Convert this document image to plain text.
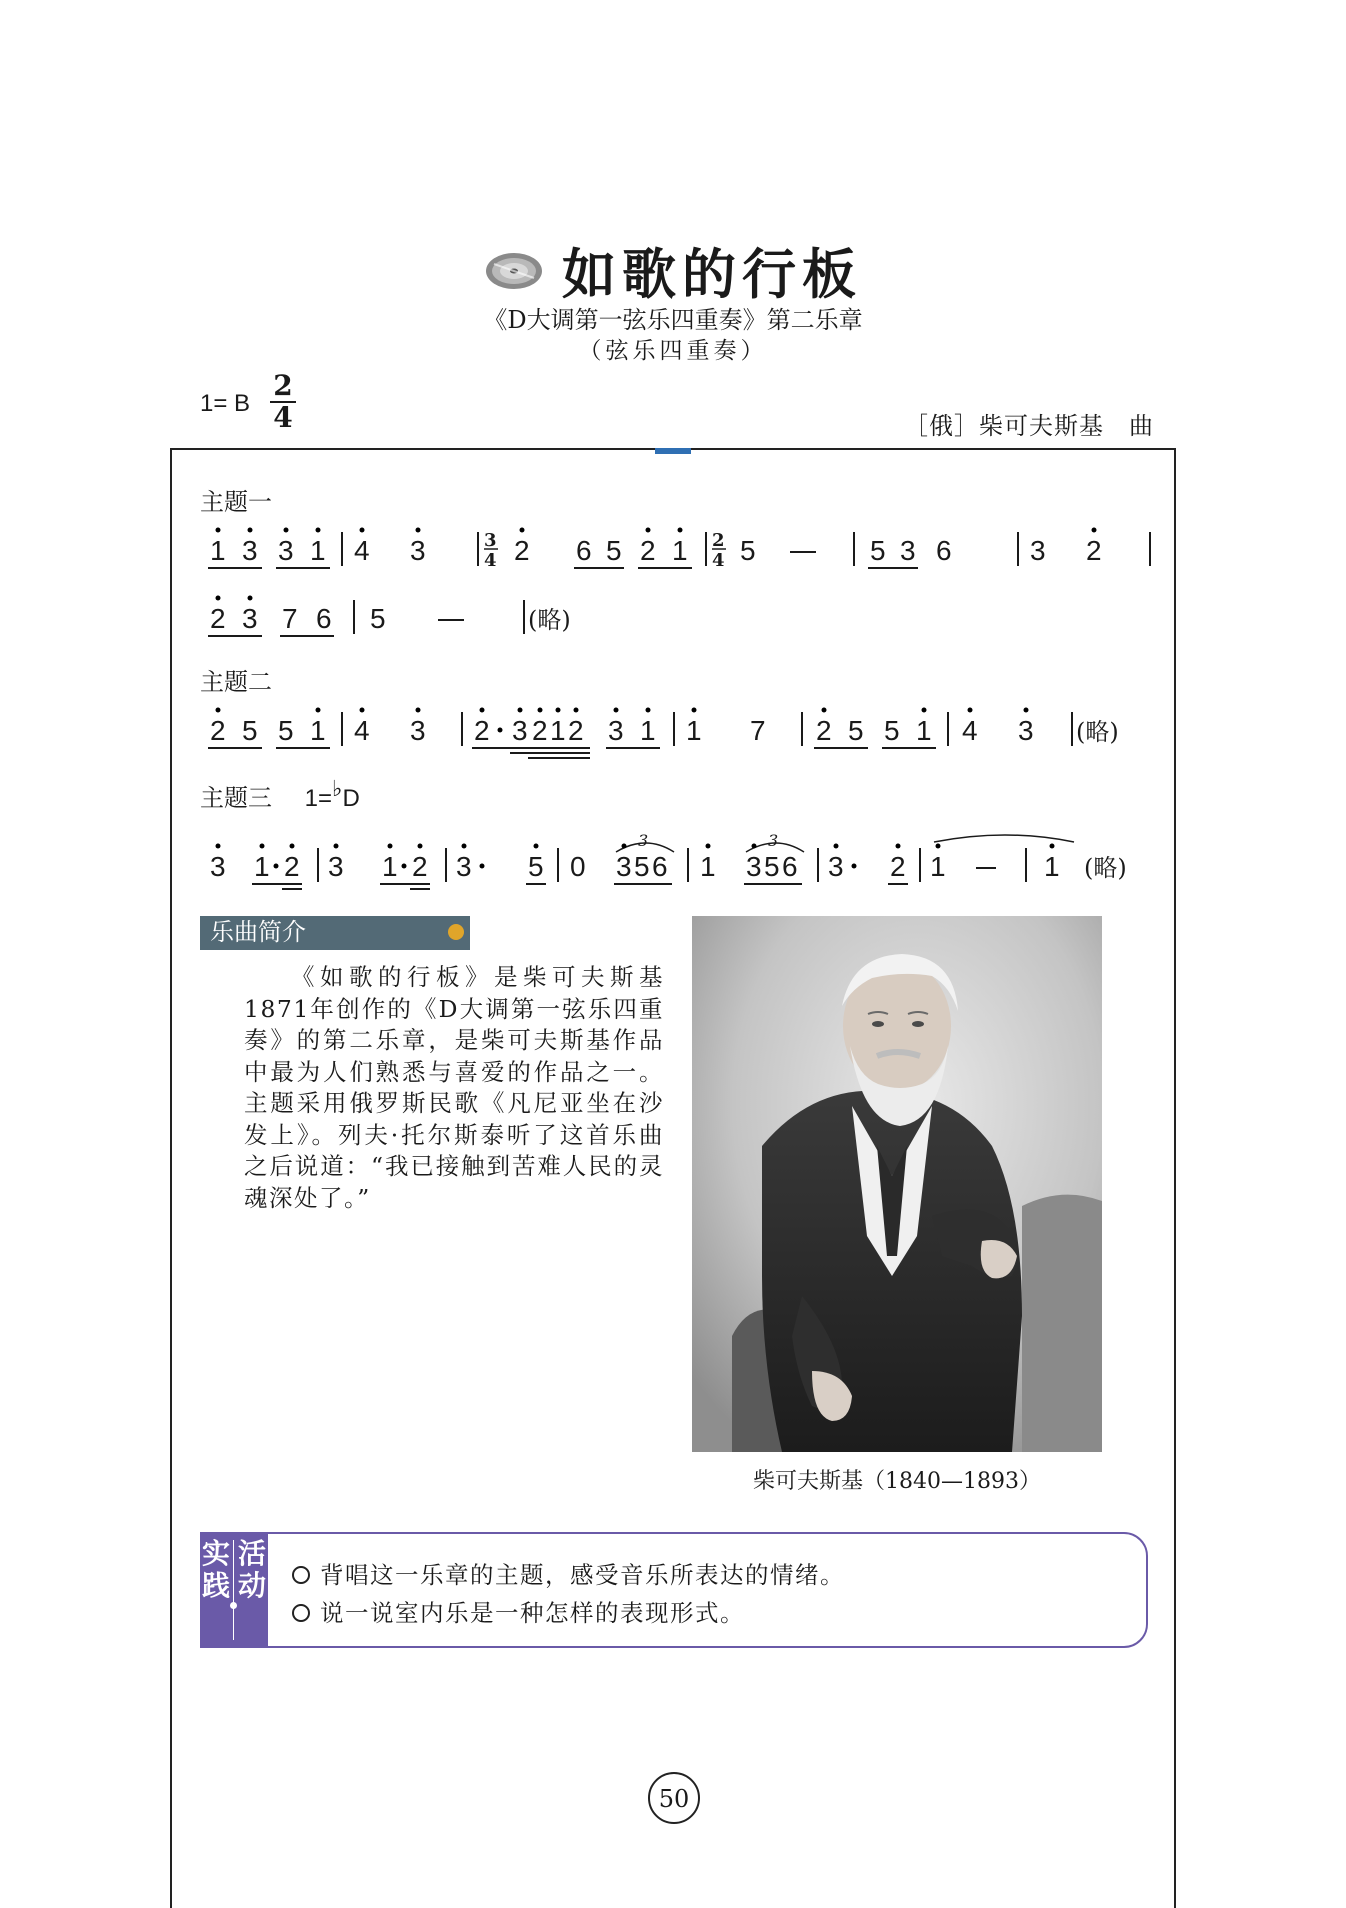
如歌的行板
《D大调第一弦乐四重奏》第二乐章
（弦乐四重奏）
1= B
2
4	［俄］柴可夫斯基　曲
主题一
1 3 3 1 4 3	3
4 2 6 5 2 1 2
4 5	5 3 6	3 2
2 3 7 6 5	(略)
主题二
2 5 5 1 4 3 2 3 2 1 2 3 1 1 7 2 5 5 1 4 3 (略)
主题三 1=♭D
3 1 2 3 1 2 3 5 0
3
3 5 6 1
3
3 5 6 3 2 1	1 (略)
乐曲简介
《如歌的行板》是柴可夫斯基1871年创作的《D大调第一弦乐四重奏》的第二乐章，是柴可夫斯基作品中最为人们熟悉与喜爱的作品之一。主题采用俄罗斯民歌《凡尼亚坐在沙发上》。列夫·托尔斯泰听了这首乐曲之后说道：“我已接触到苦难人民的灵魂深处了。”
柴可夫斯基（1840—1893）
实
践
活
动	背唱这一乐章的主题，感受音乐所表达的情绪。
说一说室内乐是一种怎样的表现形式。
50
